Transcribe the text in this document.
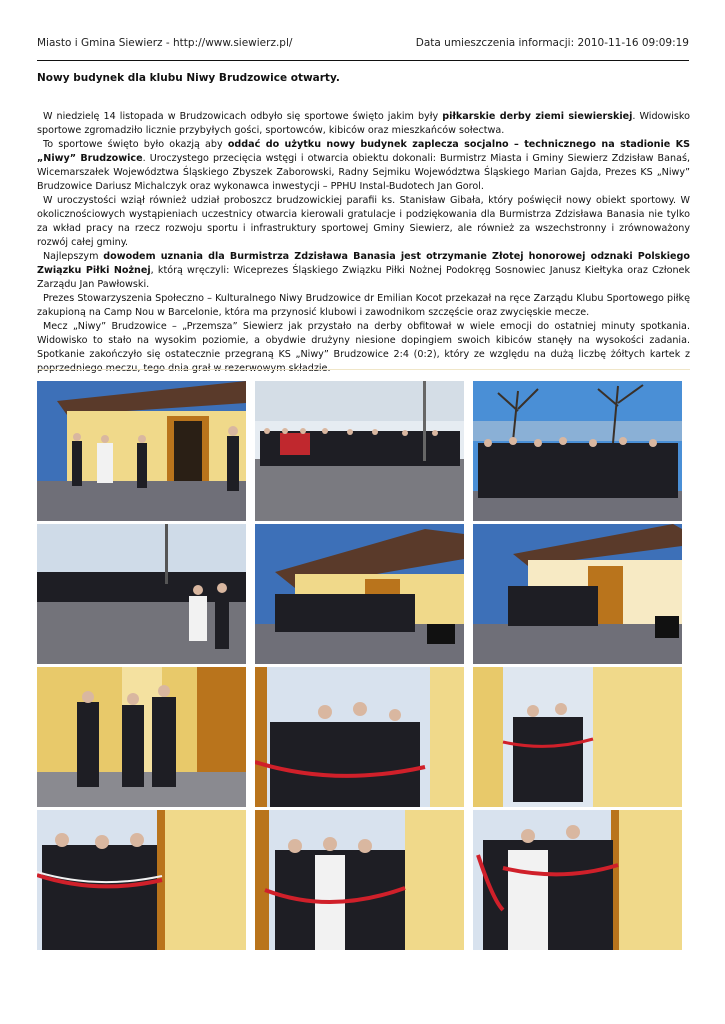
Miasto i Gmina Siewierz - http://www.siewierz.pl/	Data umieszczenia informacji: 2010-11-16 09:09:19
Nowy budynek dla klubu Niwy Brudzowice otwarty.

W niedzielę 14 listopada w Brudzowicach odbyło się sportowe święto jakim były piłkarskie derby ziemi siewierskiej. Widowisko sportowe zgromadziło licznie przybyłych gości, sportowców, kibiców oraz mieszkańców sołectwa.

To sportowe święto było okazją aby oddać do użytku nowy budynek zaplecza socjalno – technicznego na stadionie KS „Niwy” Brudzowice. Uroczystego przecięcia wstęgi i otwarcia obiektu dokonali: Burmistrz Miasta i Gminy Siewierz Zdzisław Banaś, Wicemarszałek Województwa Śląskiego Zbyszek Zaborowski, Radny Sejmiku Województwa Śląskiego Marian Gajda, Prezes KS „Niwy” Brudzowice Dariusz Michalczyk oraz wykonawca inwestycji – PPHU Instal-Budotech Jan Gorol.

W uroczystości wziął również udział proboszcz brudzowickiej parafii ks. Stanisław Gibała, który poświęcił nowy obiekt sportowy. W okolicznościowych wystąpieniach uczestnicy otwarcia kierowali gratulacje i podziękowania dla Burmistrza Zdzisława Banasia nie tylko za wkład pracy na rzecz rozwoju sportu i infrastruktury sportowej Gminy Siewierz, ale również za wszechstronny i zrównoważony rozwój całej gminy.

Najlepszym dowodem uznania dla Burmistrza Zdzisława Banasia jest otrzymanie Złotej honorowej odznaki Polskiego Związku Piłki Nożnej, którą wręczyli: Wiceprezes Śląskiego Związku Piłki Nożnej Podokręg Sosnowiec Janusz Kiełtyka oraz Członek Zarządu Jan Pawłowski.

Prezes Stowarzyszenia Społeczno – Kulturalnego Niwy Brudzowice dr Emilian Kocot przekazał na ręce Zarządu Klubu Sportowego piłkę zakupioną na Camp Nou w Barcelonie, która ma przynosić klubowi i zawodnikom szczęście oraz zwycięskie mecze.

Mecz „Niwy” Brudzowice – „Przemsza” Siewierz jak przystało na derby obfitował w wiele emocji do ostatniej minuty spotkania. Widowisko to stało na wysokim poziomie, a obydwie drużyny niesione dopingiem swoich kibiców stanęły na wysokości zadania. Spotkanie zakończyło się ostatecznie przegraną KS „Niwy” Brudzowice 2:4 (0:2), który ze względu na dużą liczbę żółtych kartek z poprzedniego meczu, tego dnia grał w rezerwowym składzie.
